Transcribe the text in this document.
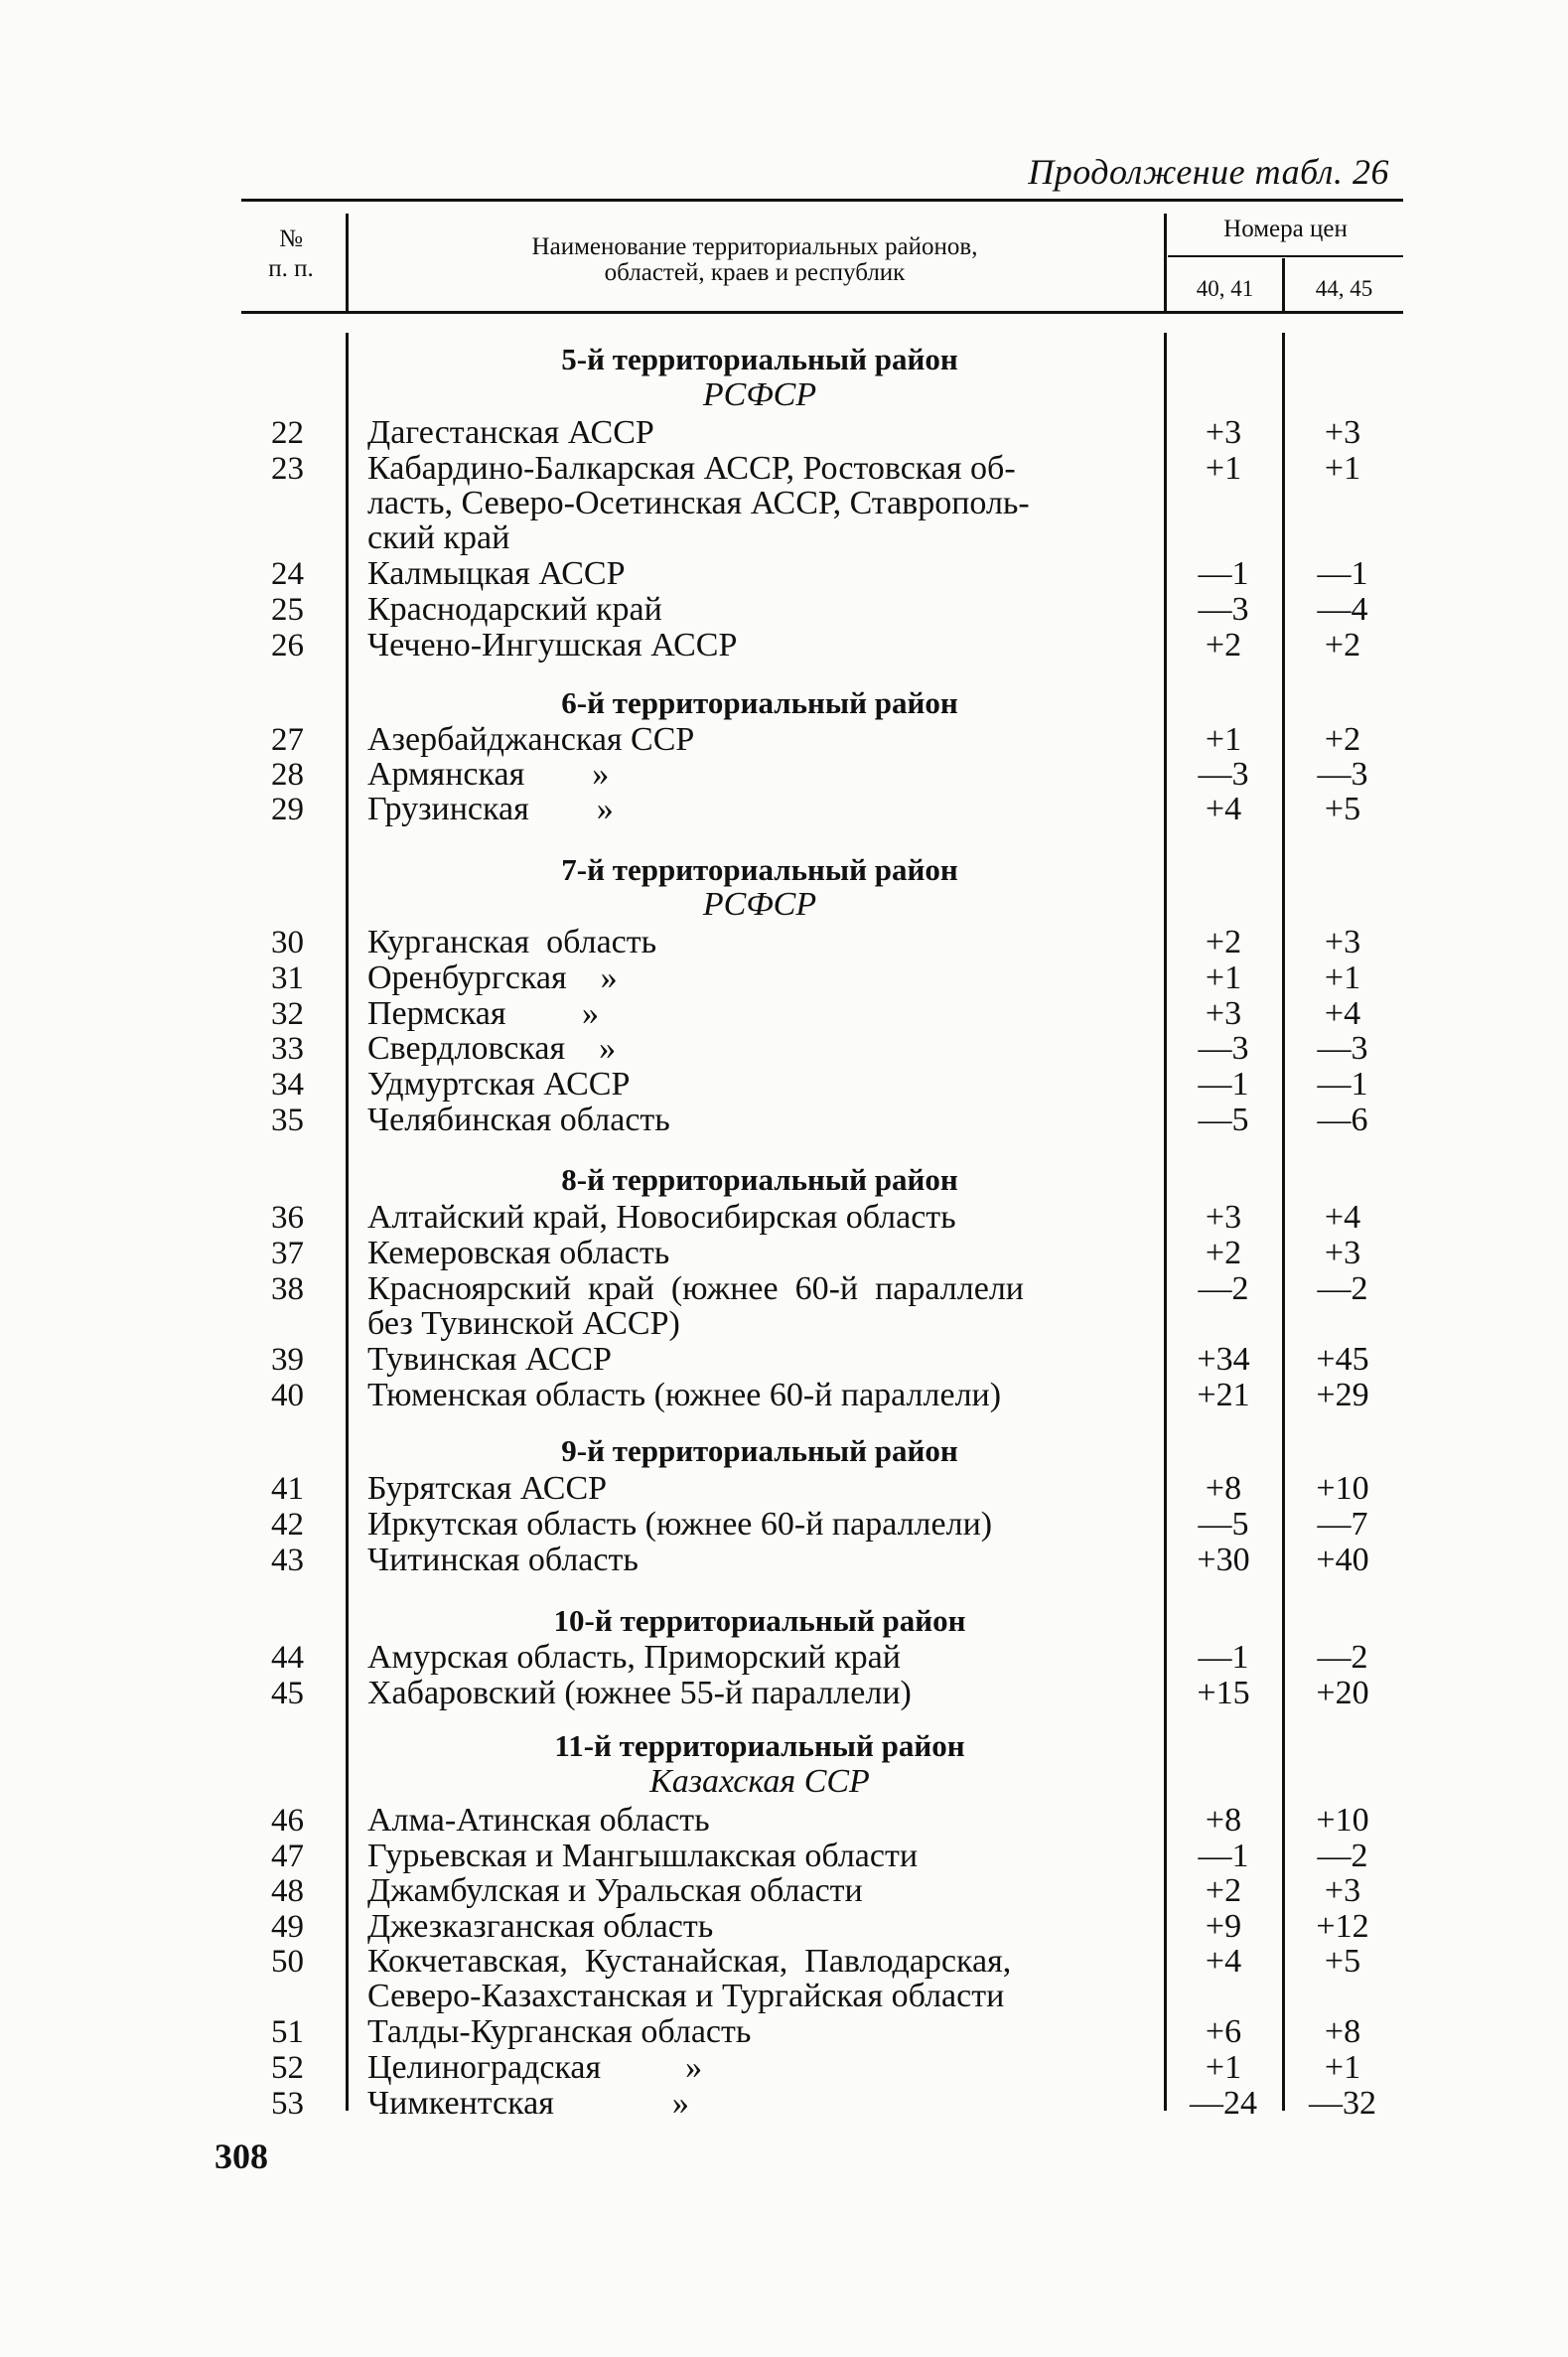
Продолжение табл. 26
№
п. п.
Наименование территориальных районов,
областей, краев и республик
Номера цен
40, 41	44, 45
5-й территориальный район
РСФСР
22 Дагестанская АССР	+3	+3
23 Кабардино-Балкарская АССР, Ростовская об-
ласть, Северо-Осетинская АССР, Ставрополь-
ский край
+1	+1
24 Калмыцкая АССР	—1	—1
25 Краснодарский край	—3	—4
26 Чечено-Ингушская АССР	+2	+2
6-й территориальный район
27 Азербайджанская ССР	+1	+2
28 Армянская        »	—3	—3
29 Грузинская        »	+4	+5
7-й территориальный район
РСФСР
30 Курганская  область	+2	+3
31 Оренбургская    »	+1	+1
32 Пермская         »	+3	+4
33 Свердловская    »	—3	—3
34 Удмуртская АССР	—1	—1
35 Челябинская область	—5	—6
8-й территориальный район
36 Алтайский край, Новосибирская область	+3	+4
37 Кемеровская область	+2	+3
38 Красноярский  край  (южнее  60-й  параллели
без Тувинской АССР)
—2	—2
39 Тувинская АССР	+34	+45
40 Тюменская область (южнее 60-й параллели)	+21	+29
9-й территориальный район
41 Бурятская АССР	+8	+10
42 Иркутская область (южнее 60-й параллели)	—5	—7
43 Читинская область	+30	+40
10-й территориальный район
44 Амурская область, Приморский край	—1	—2
45 Хабаровский (южнее 55-й параллели)	+15	+20
11-й территориальный район
Казахская ССР
46 Алма-Атинская область	+8	+10
47 Гурьевская и Мангышлакская области	—1	—2
48 Джамбулская и Уральская области	+2	+3
49 Джезказганская область	+9	+12
50 Кокчетавская,  Кустанайская,  Павлодарская,
Северо-Казахстанская и Тургайская области
+4	+5
51 Талды-Курганская область	+6	+8
52 Целиноградская          »	+1	+1
53 Чимкентская              »	—24	—32
308
